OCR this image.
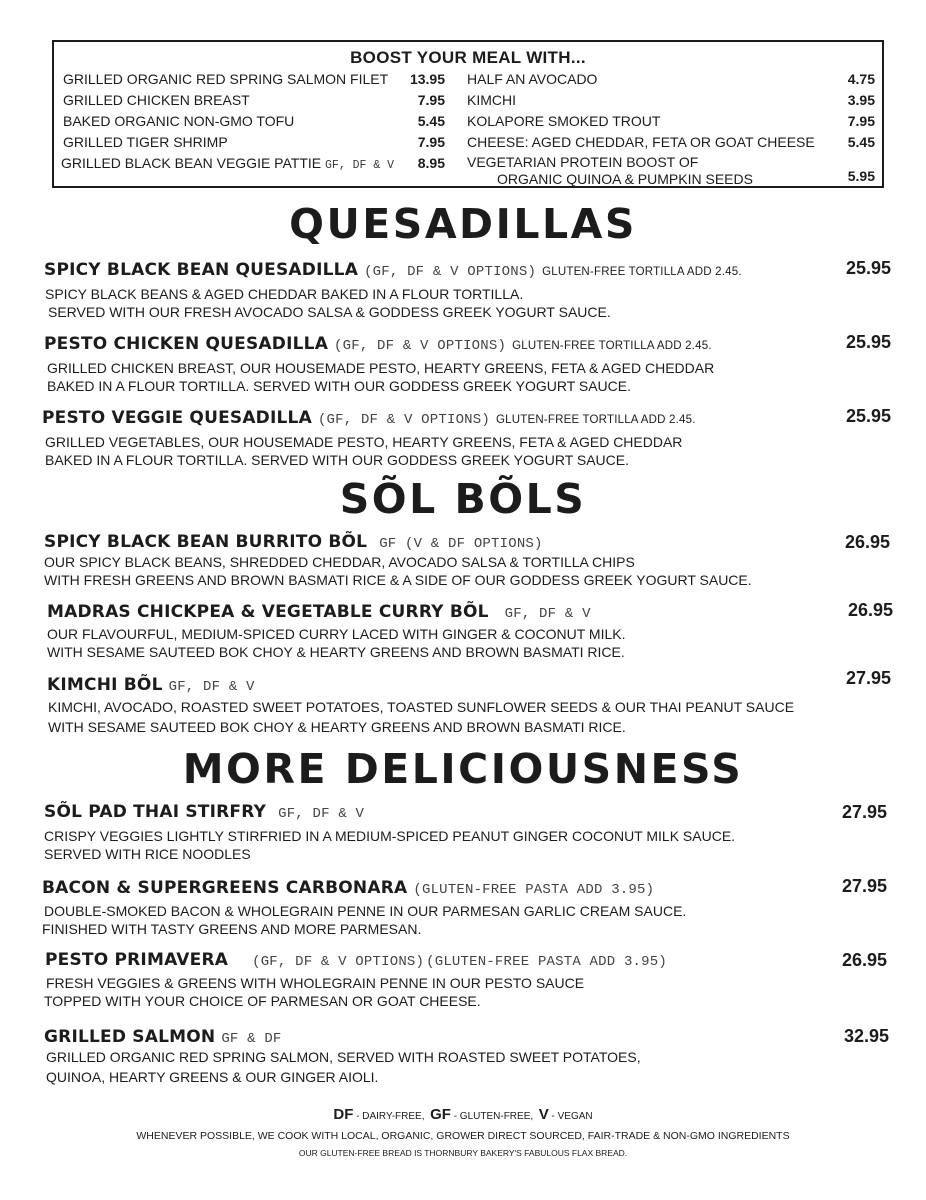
BOOST YOUR MEAL WITH...
GRILLED ORGANIC RED SPRING SALMON FILET	13.95
GRILLED CHICKEN BREAST	7.95
BAKED ORGANIC NON-GMO TOFU	5.45
GRILLED TIGER SHRIMP	7.95
GRILLED BLACK BEAN VEGGIE PATTIE GF, DF & V	8.95
HALF AN AVOCADO	4.75
KIMCHI	3.95
KOLAPORE SMOKED TROUT	7.95
CHEESE: AGED CHEDDAR, FETA OR GOAT CHEESE	5.45
VEGETARIAN PROTEIN BOOST OF
ORGANIC QUINOA & PUMPKIN SEEDS	5.95
QUESADILLAS
SPICY BLACK BEAN QUESADILLA (GF, DF & V OPTIONS) GLUTEN-FREE TORTILLA ADD 2.45.	25.95
SPICY BLACK BEANS & AGED CHEDDAR BAKED IN A FLOUR TORTILLA.
SERVED WITH OUR FRESH AVOCADO SALSA & GODDESS GREEK YOGURT SAUCE.
PESTO CHICKEN QUESADILLA (GF, DF & V OPTIONS) GLUTEN-FREE TORTILLA ADD 2.45.	25.95
GRILLED CHICKEN BREAST, OUR HOUSEMADE PESTO, HEARTY GREENS, FETA & AGED CHEDDAR
BAKED IN A FLOUR TORTILLA. SERVED WITH OUR GODDESS GREEK YOGURT SAUCE.
PESTO VEGGIE QUESADILLA (GF, DF & V OPTIONS) GLUTEN-FREE TORTILLA ADD 2.45.	25.95
GRILLED VEGETABLES, OUR HOUSEMADE PESTO, HEARTY GREENS, FETA & AGED CHEDDAR
BAKED IN A FLOUR TORTILLA. SERVED WITH OUR GODDESS GREEK YOGURT SAUCE.
SÕL BÕLS
SPICY BLACK BEAN BURRITO BÕL GF (V & DF OPTIONS)	26.95
OUR SPICY BLACK BEANS, SHREDDED CHEDDAR, AVOCADO SALSA & TORTILLA CHIPS
WITH FRESH GREENS AND BROWN BASMATI RICE & A SIDE OF OUR GODDESS GREEK YOGURT SAUCE.
MADRAS CHICKPEA & VEGETABLE CURRY BÕL GF, DF & V	26.95
OUR FLAVOURFUL, MEDIUM-SPICED CURRY LACED WITH GINGER & COCONUT MILK.
WITH SESAME SAUTEED BOK CHOY & HEARTY GREENS AND BROWN BASMATI RICE.
KIMCHI BÕL GF, DF & V	27.95
KIMCHI, AVOCADO, ROASTED SWEET POTATOES, TOASTED SUNFLOWER SEEDS & OUR THAI PEANUT SAUCE
WITH SESAME SAUTEED BOK CHOY & HEARTY GREENS AND BROWN BASMATI RICE.
MORE DELICIOUSNESS
SÕL PAD THAI STIRFRY GF, DF & V	27.95
CRISPY VEGGIES LIGHTLY STIRFRIED IN A MEDIUM-SPICED PEANUT GINGER COCONUT MILK SAUCE.
SERVED WITH RICE NOODLES
BACON & SUPERGREENS CARBONARA (GLUTEN-FREE PASTA ADD 3.95)	27.95
DOUBLE-SMOKED BACON & WHOLEGRAIN PENNE IN OUR PARMESAN GARLIC CREAM SAUCE.
FINISHED WITH TASTY GREENS AND MORE PARMESAN.
PESTO PRIMAVERA (GF, DF & V OPTIONS) (GLUTEN-FREE PASTA ADD 3.95)	26.95
FRESH VEGGIES & GREENS WITH WHOLEGRAIN PENNE IN OUR PESTO SAUCE
TOPPED WITH YOUR CHOICE OF PARMESAN OR GOAT CHEESE.
GRILLED SALMON GF & DF	32.95
GRILLED ORGANIC RED SPRING SALMON, SERVED WITH ROASTED SWEET POTATOES,
QUINOA, HEARTY GREENS & OUR GINGER AIOLI.
DF - DAIRY-FREE, GF - GLUTEN-FREE, V - VEGAN
WHENEVER POSSIBLE, WE COOK WITH LOCAL, ORGANIC, GROWER DIRECT SOURCED, FAIR-TRADE & NON-GMO INGREDIENTS
OUR GLUTEN-FREE BREAD IS THORNBURY BAKERY'S FABULOUS FLAX BREAD.
